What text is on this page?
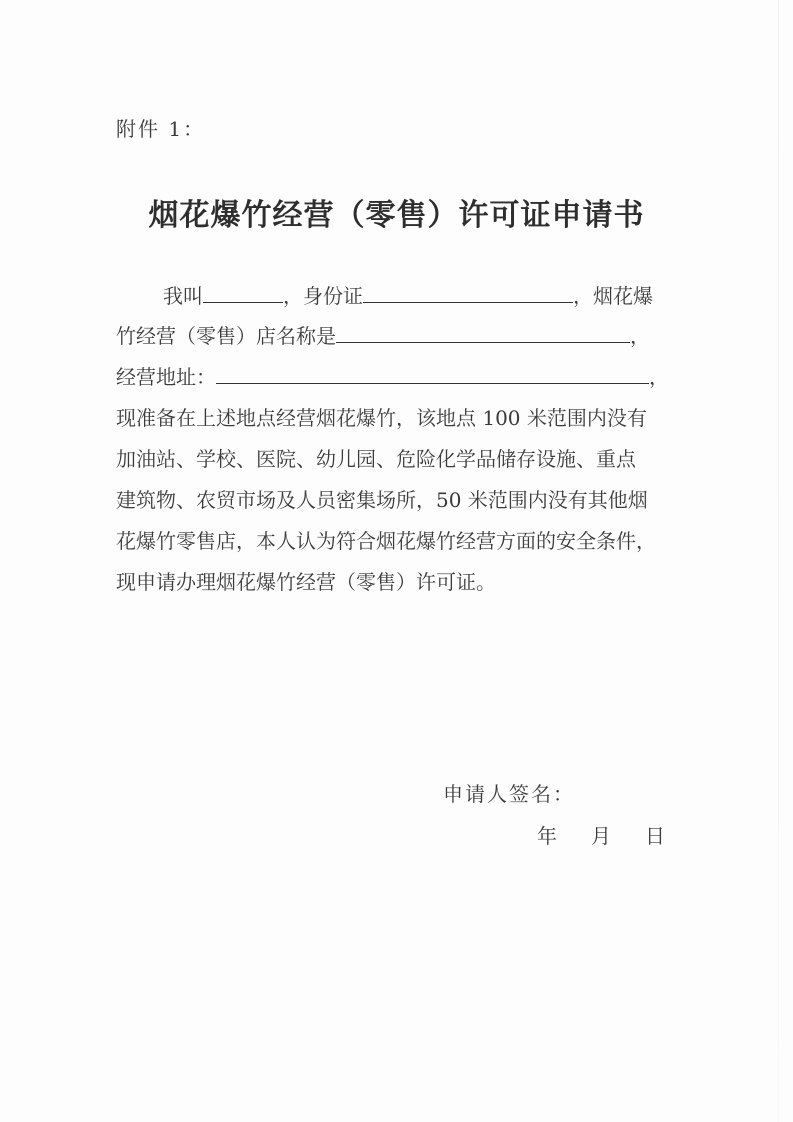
附件 1：
烟花爆竹经营（零售）许可证申请书
我叫	，身份证	，烟花爆
竹经营（零售）店名称是	，
经营地址：	，
现准备在上述地点经营烟花爆竹，该地点 100 米范围内没有
加油站、学校、医院、幼儿园、危险化学品储存设施、重点
建筑物、农贸市场及人员密集场所，50 米范围内没有其他烟
花爆竹零售店，本人认为符合烟花爆竹经营方面的安全条件，
现申请办理烟花爆竹经营（零售）许可证。
申请人签名：
年 月 日
